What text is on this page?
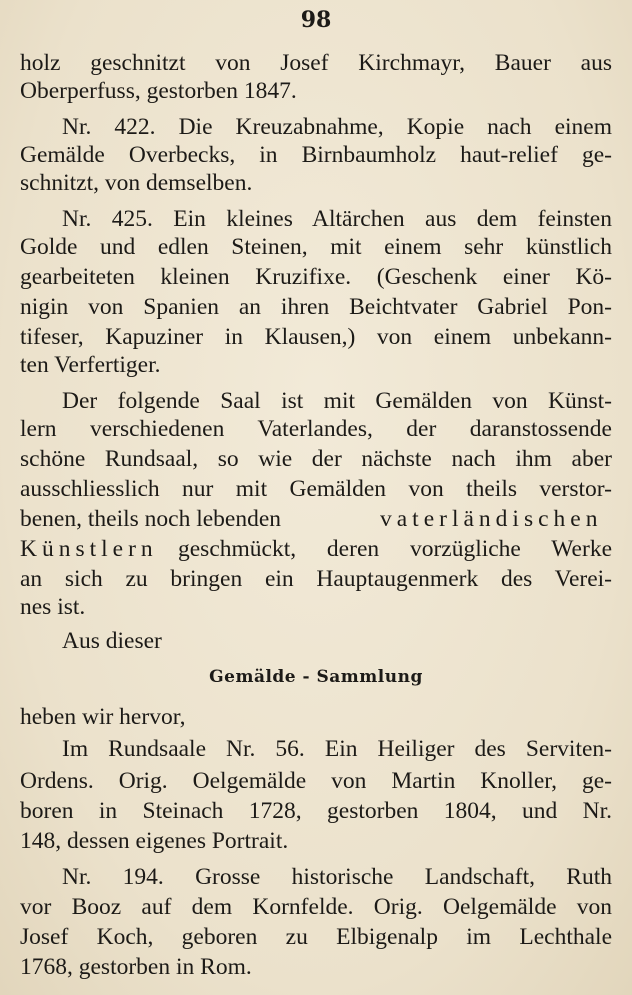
98
holz geschnitzt von Josef Kirchmayr, Bauer aus
Oberperfuss, gestorben 1847.
Nr. 422. Die Kreuzabnahme, Kopie nach einem
Gemälde Overbecks, in Birnbaumholz haut-relief ge-
schnitzt, von demselben.
Nr. 425. Ein kleines Altärchen aus dem feinsten
Golde und edlen Steinen, mit einem sehr künstlich
gearbeiteten kleinen Kruzifixe. (Geschenk einer Kö-
nigin von Spanien an ihren Beichtvater Gabriel Pon-
tifeser, Kapuziner in Klausen,) von einem unbekann-
ten Verfertiger.
Der folgende Saal ist mit Gemälden von Künst-
lern verschiedenen Vaterlandes, der daranstossende
schöne Rundsaal, so wie der nächste nach ihm aber
ausschliesslich nur mit Gemälden von theils verstor-
benen, theils noch lebenden	vaterländischen
Künstlern geschmückt, deren vorzügliche Werke
an sich zu bringen ein Hauptaugenmerk des Verei-
nes ist.
Aus dieser
Gemälde - Sammlung
heben wir hervor,
Im Rundsaale Nr. 56. Ein Heiliger des Serviten-
Ordens. Orig. Oelgemälde von Martin Knoller, ge-
boren in Steinach 1728, gestorben 1804, und Nr.
148, dessen eigenes Portrait.
Nr. 194. Grosse historische Landschaft, Ruth
vor Booz auf dem Kornfelde. Orig. Oelgemälde von
Josef Koch, geboren zu Elbigenalp im Lechthale
1768, gestorben in Rom.
